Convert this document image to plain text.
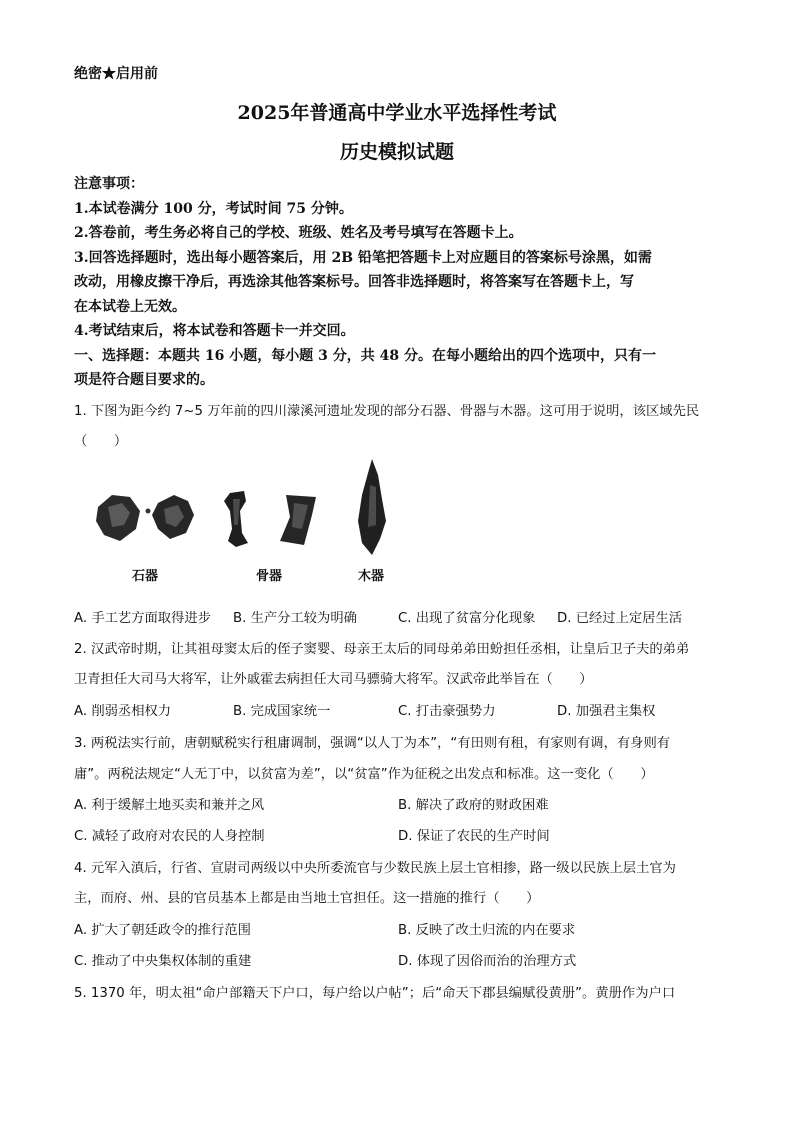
绝密★启用前
2025年普通高中学业水平选择性考试
历史模拟试题
注意事项：
1.本试卷满分 100 分，考试时间 75 分钟。
2.答卷前，考生务必将自己的学校、班级、姓名及考号填写在答题卡上。
3.回答选择题时，选出每小题答案后，用 2B 铅笔把答题卡上对应题目的答案标号涂黑，如需
改动，用橡皮擦干净后，再选涂其他答案标号。回答非选择题时，将答案写在答题卡上，写
在本试卷上无效。
4.考试结束后，将本试卷和答题卡一并交回。
一、选择题：本题共 16 小题，每小题 3 分，共 48 分。在每小题给出的四个选项中，只有一
项是符合题目要求的。
1. 下图为距今约 7~5 万年前的四川濛溪河遗址发现的部分石器、骨器与木器。这可用于说明，该区域先民
（　　）
石器	骨器	木器
A. 手工艺方面取得进步 B. 生产分工较为明确	C. 出现了贫富分化现象 D. 已经过上定居生活
2. 汉武帝时期，让其祖母窦太后的侄子窦婴、母亲王太后的同母弟弟田蚡担任丞相，让皇后卫子夫的弟弟
卫青担任大司马大将军，让外戚霍去病担任大司马骠骑大将军。汉武帝此举旨在（　　）
A. 削弱丞相权力	B. 完成国家统一	C. 打击豪强势力	D. 加强君主集权
3. 两税法实行前，唐朝赋税实行租庸调制，强调“以人丁为本”，“有田则有租，有家则有调，有身则有
庸”。两税法规定“人无丁中，以贫富为差”，以“贫富”作为征税之出发点和标准。这一变化（　　）
A. 利于缓解土地买卖和兼并之风	B. 解决了政府的财政困难
C. 减轻了政府对农民的人身控制	D. 保证了农民的生产时间
4. 元军入滇后，行省、宣尉司两级以中央所委流官与少数民族上层土官相掺，路一级以民族上层土官为
主，而府、州、县的官员基本上都是由当地土官担任。这一措施的推行（　　）
A. 扩大了朝廷政令的推行范围	B. 反映了改土归流的内在要求
C. 推动了中央集权体制的重建	D. 体现了因俗而治的治理方式
5. 1370 年，明太祖“命户部籍天下户口，每户给以户帖”；后“命天下郡县编赋役黄册”。黄册作为户口
